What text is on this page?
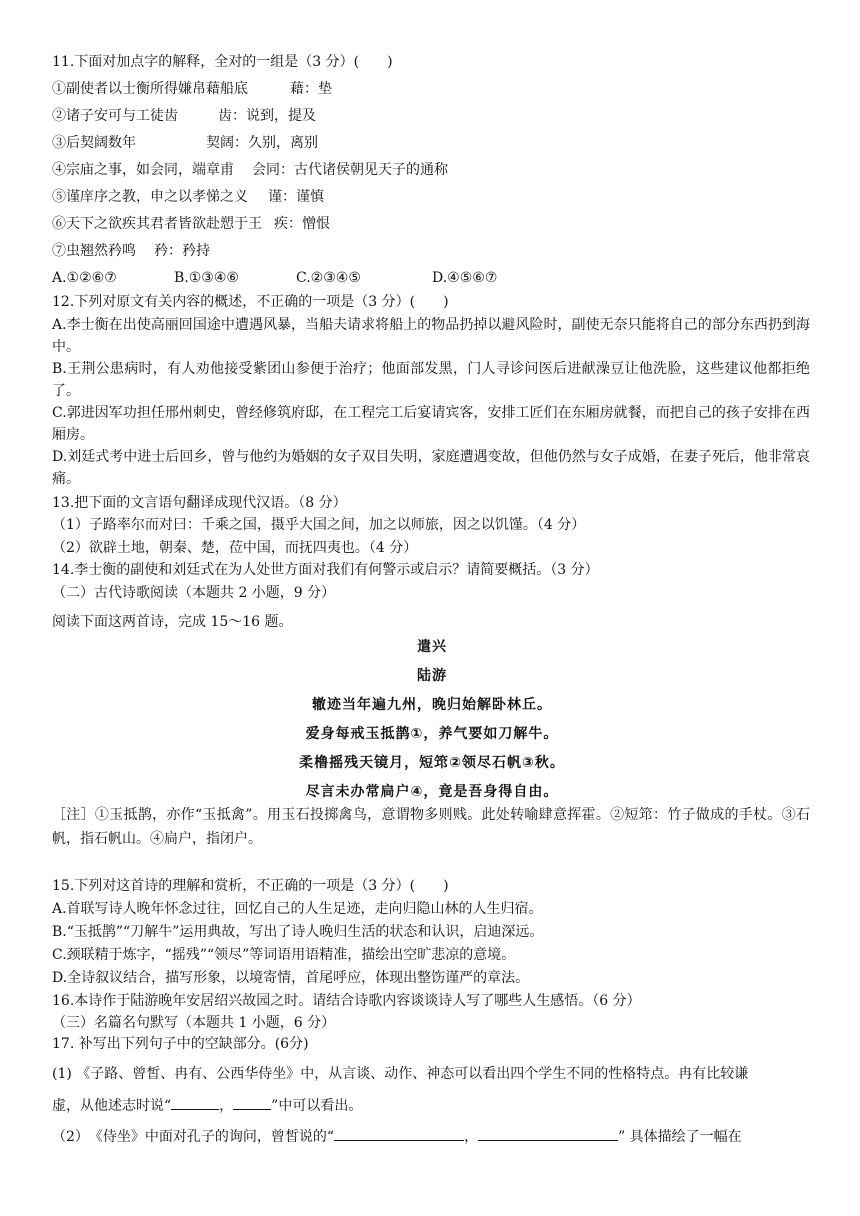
11.下面对加点字的解释，全对的一组是（3 分）(　　)
①副使者以士衡所得嫌帛藉船底	藉：垫
②诸子安可与工徒齿	齿：说到，提及
③后契阔数年	契阔：久别，离别
④宗庙之事，如会同，端章甫 会同：古代诸侯朝见天子的通称
⑤谨庠序之教，申之以孝悌之义 谨：谨慎
⑥天下之欲疾其君者皆欲赴愬于王 疾：憎恨
⑦虫翘然矜鸣 矜：矜持
A.①②⑥⑦	B.①③④⑥	C.②③④⑤	D.④⑤⑥⑦
12.下列对原文有关内容的概述，不正确的一项是（3 分）(　　)
A.李士衡在出使高丽回国途中遭遇风暴，当船夫请求将船上的物品扔掉以避风险时，副使无奈只能将自己的部分东西扔到海中。
B.王荆公患病时，有人劝他接受紫团山参便于治疗；他面部发黑，门人寻诊问医后进献澡豆让他洗脸，这些建议他都拒绝了。
C.郭进因军功担任邢州刺史，曾经修筑府邸，在工程完工后宴请宾客，安排工匠们在东厢房就餐，而把自己的孩子安排在西厢房。
D.刘廷式考中进士后回乡，曾与他约为婚姻的女子双目失明，家庭遭遇变故，但他仍然与女子成婚，在妻子死后，他非常哀痛。
13.把下面的文言语句翻译成现代汉语。（8 分）
（1）子路率尔而对曰：千乘之国，摄乎大国之间，加之以师旅，因之以饥馑。（4 分）
（2）欲辟土地，朝秦、楚，莅中国，而抚四夷也。（4 分）
14.李士衡的副使和刘廷式在为人处世方面对我们有何警示或启示？请简要概括。（3 分）
（二）古代诗歌阅读（本题共 2 小题，9 分）
阅读下面这两首诗，完成 15～16 题。
遣兴
陆游
辙迹当年遍九州，晚归始解卧林丘。
爱身每戒玉抵鹊①，养气要如刀解牛。
柔橹摇残天镜月，短筇②领尽石帆③秋。
尽言未办常扃户④，竟是吾身得自由。
［注］①玉抵鹊，亦作“玉抵禽”。用玉石投掷禽鸟，意谓物多则贱。此处转喻肆意挥霍。②短筇：竹子做成的手杖。③石帆，指石帆山。④扃户，指闭户。
15.下列对这首诗的理解和赏析，不正确的一项是（3 分）(　　)
A.首联写诗人晚年怀念过往，回忆自己的人生足迹，走向归隐山林的人生归宿。
B.“玉抵鹊”“刀解牛”运用典故，写出了诗人晚归生活的状态和认识，启迪深远。
C.颈联精于炼字，“摇残”“领尽”等词语用语精准，描绘出空旷悲凉的意境。
D.全诗叙议结合，描写形象，以境寄情，首尾呼应，体现出整饬谨严的章法。
16.本诗作于陆游晚年安居绍兴故园之时。请结合诗歌内容谈谈诗人写了哪些人生感悟。（6 分）
（三）名篇名句默写（本题共 1 小题，6 分）
17. 补写出下列句子中的空缺部分。(6分)
(1) 《子路、曾皙、冉有、公西华侍坐》中，从言谈、动作、神态可以看出四个学生不同的性格特点。冉有比较谦
虚，从他述志时说“	，	”中可以看出。
（2）　《侍坐》中面对孔子的询问，曾皙说的“	，	” 具体描绘了一幅在
